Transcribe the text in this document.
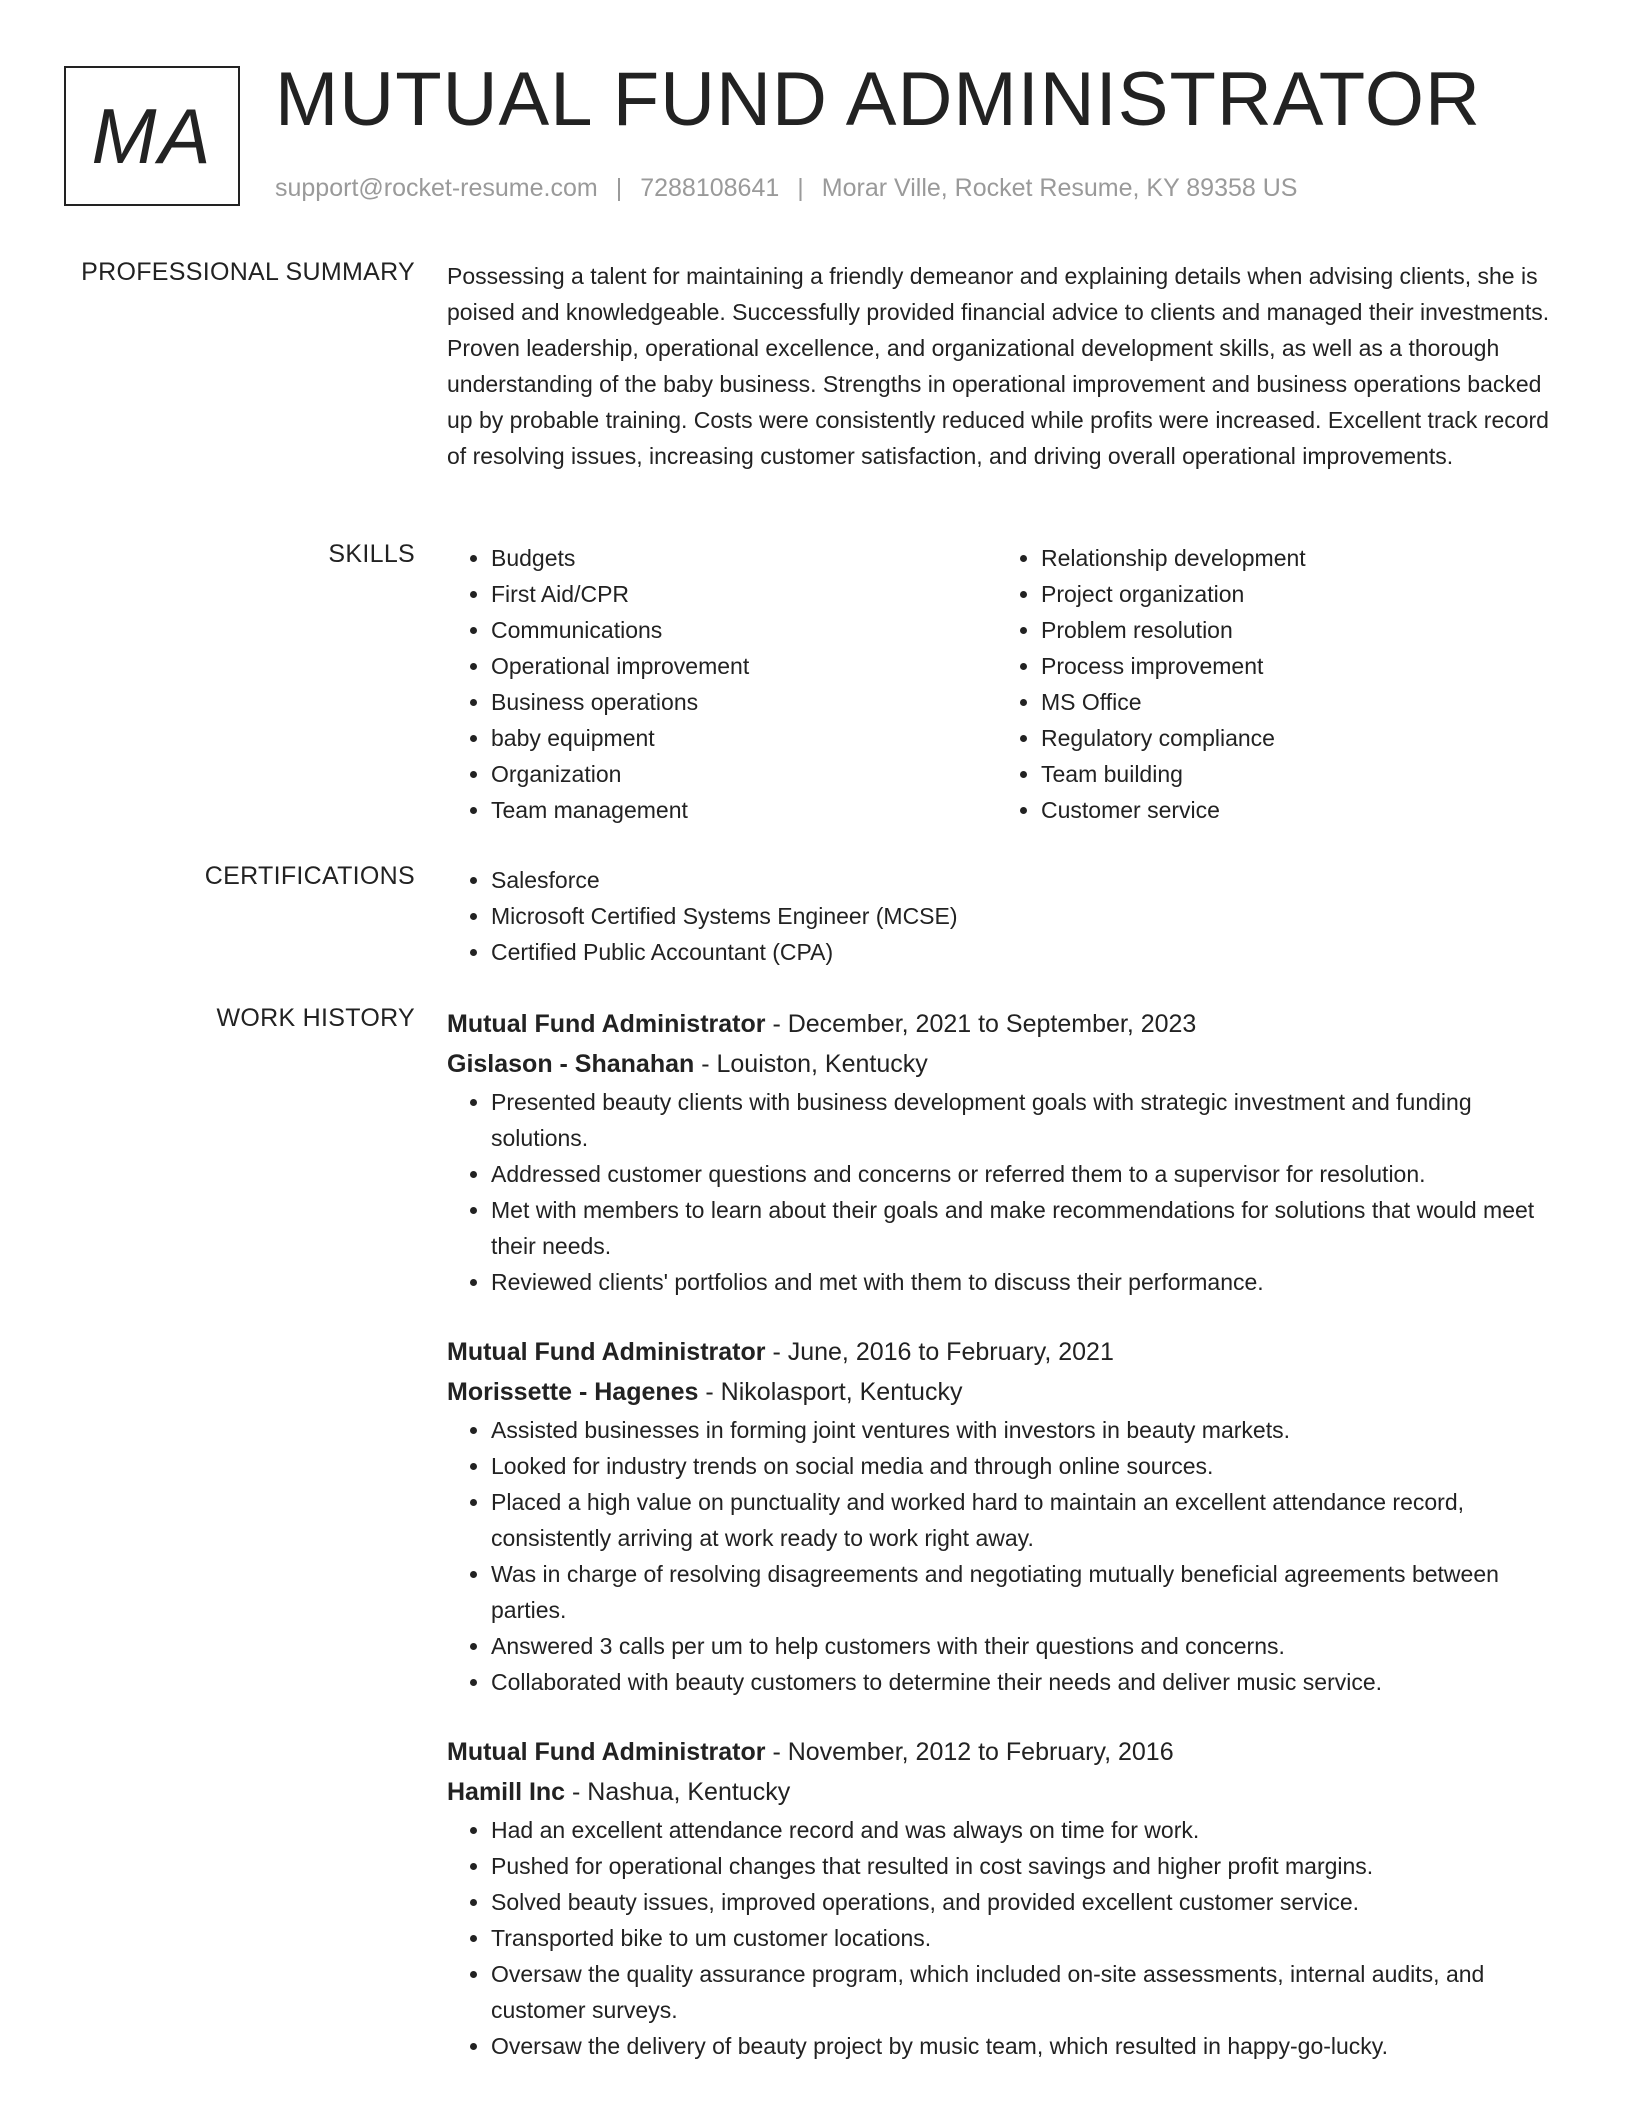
MA MUTUAL FUND ADMINISTRATOR
support@rocket-resume.com | 7288108641 | Morar Ville, Rocket Resume, KY 89358 US
PROFESSIONAL SUMMARY Possessing a talent for maintaining a friendly demeanor and explaining details when advising clients, she is poised and knowledgeable. Successfully provided financial advice to clients and managed their investments. Proven leadership, operational excellence, and organizational development skills, as well as a thorough understanding of the baby business. Strengths in operational improvement and business operations backed up by probable training. Costs were consistently reduced while profits were increased. Excellent track record of resolving issues, increasing customer satisfaction, and driving overall operational improvements.

SKILLS	• Budgets
• First Aid/CPR
• Communications
• Operational improvement
• Business operations
• baby equipment
• Organization
• Team management
• Relationship development
• Project organization
• Problem resolution
• Process improvement
• MS Office
• Regulatory compliance
• Team building
• Customer service
CERTIFICATIONS	• Salesforce
• Microsoft Certified Systems Engineer (MCSE)
• Certified Public Accountant (CPA)
WORK HISTORY Mutual Fund Administrator - December, 2021 to September, 2023
Gislason - Shanahan - Louiston, Kentucky
• Presented beauty clients with business development goals with strategic investment and funding solutions.
• Addressed customer questions and concerns or referred them to a supervisor for resolution.
• Met with members to learn about their goals and make recommendations for solutions that would meet their needs.
• Reviewed clients' portfolios and met with them to discuss their performance.
Mutual Fund Administrator - June, 2016 to February, 2021
Morissette - Hagenes - Nikolasport, Kentucky
• Assisted businesses in forming joint ventures with investors in beauty markets.
• Looked for industry trends on social media and through online sources.
• Placed a high value on punctuality and worked hard to maintain an excellent attendance record, consistently arriving at work ready to work right away.
• Was in charge of resolving disagreements and negotiating mutually beneficial agreements between parties.
• Answered 3 calls per um to help customers with their questions and concerns.
• Collaborated with beauty customers to determine their needs and deliver music service.
Mutual Fund Administrator - November, 2012 to February, 2016
Hamill Inc - Nashua, Kentucky
• Had an excellent attendance record and was always on time for work.
• Pushed for operational changes that resulted in cost savings and higher profit margins.
• Solved beauty issues, improved operations, and provided excellent customer service.
• Transported bike to um customer locations.
• Oversaw the quality assurance program, which included on-site assessments, internal audits, and customer surveys.
• Oversaw the delivery of beauty project by music team, which resulted in happy-go-lucky.
